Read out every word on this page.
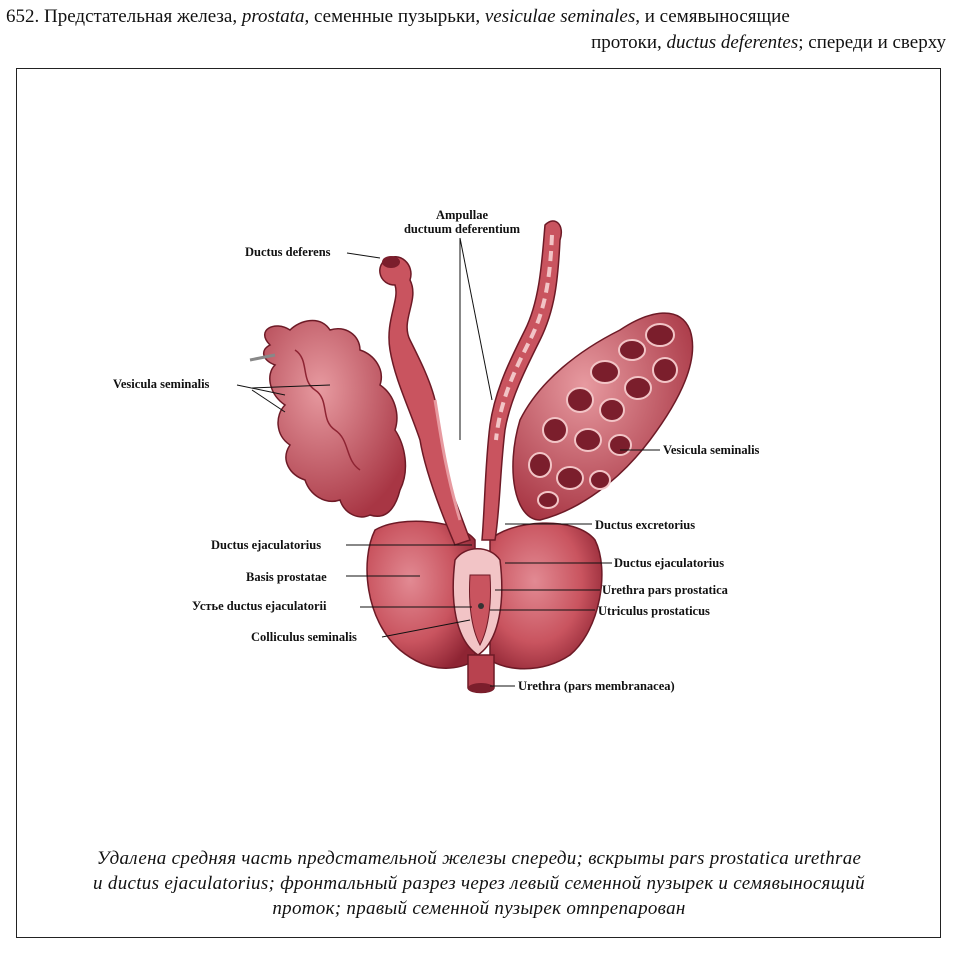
652. Предстательная железа, prostata, семенные пузырьки, vesiculae seminales, и семявыносящие
протоки, ductus deferentes; спереди и сверху
Ampullae
ductuum deferentium
Ductus deferens
Vesicula seminalis
Vesicula seminalis
Ductus excretorius
Ductus ejaculatorius
Ductus ejaculatorius
Basis prostatae
Urethra pars prostatica
Устье ductus ejaculatorii	Utriculus prostaticus
Colliculus seminalis
Urethra (pars membranacea)
Удалена средняя часть предстательной железы спереди; вскрыты pars prostatica urethrae
и ductus ejaculatorius; фронтальный разрез через левый семенной пузырек и семявыносящий
проток; правый семенной пузырек отпрепарован
